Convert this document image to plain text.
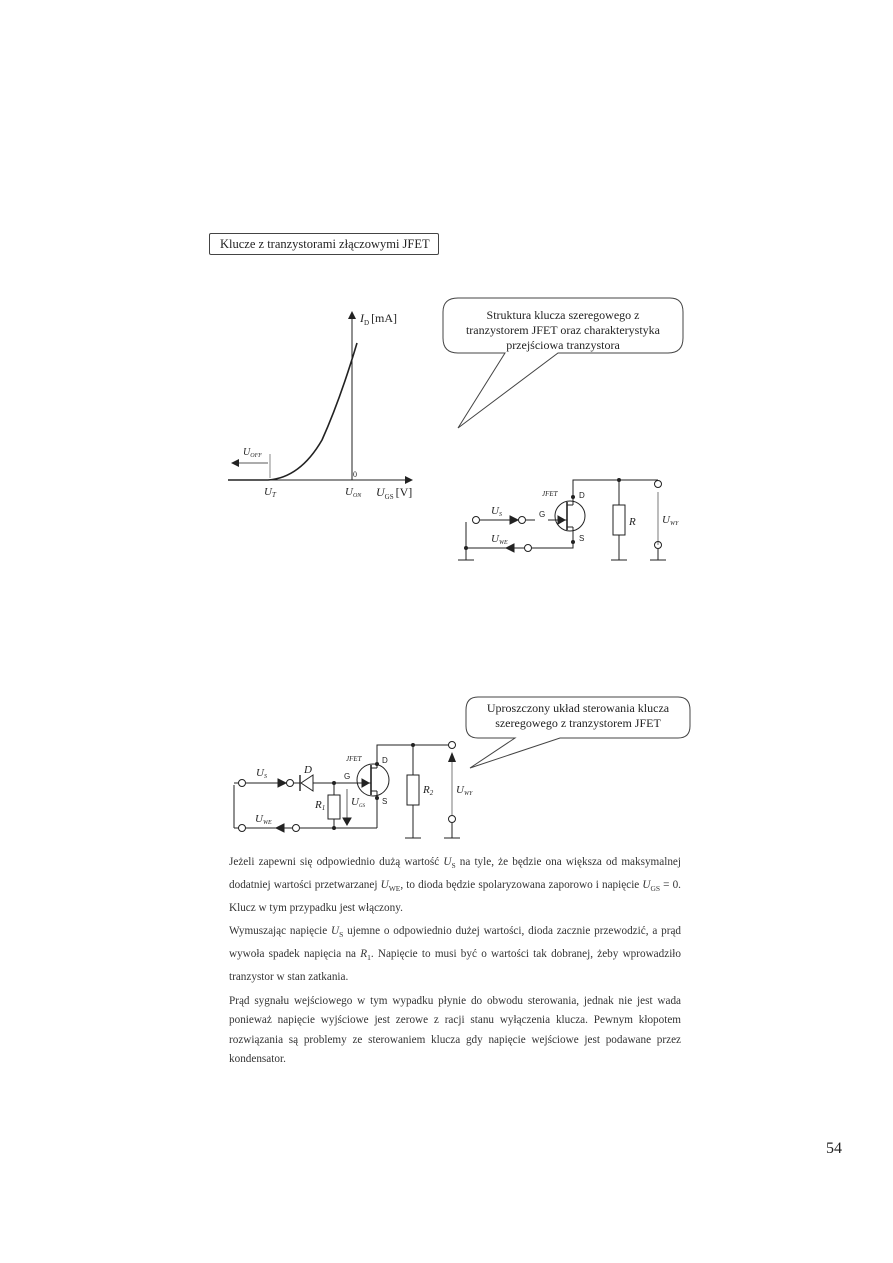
Klucze z tranzystorami złączowymi JFET
Struktura klucza szeregowego z
tranzystorem JFET oraz charakterystyka
przejściowa tranzystora
Uproszczony układ sterowania klucza
szeregowego z tranzystorem JFET
$U_{OFF}$
$I_D$ [mA]
0
UT	UON $U_{GS}$ [V]	JFET	D
G
S
US
UWE
R UWY
JFET	D
G
S
D
US
UWE
R1 UGS
R2 UWY

Jeżeli zapewni się odpowiednio dużą wartość $U_S$ na tyle, że będzie ona większa od maksymalnej dodatniej wartości przetwarzanej $U_{WE}$, to dioda będzie spolaryzowana zaporowo i napięcie $U_{GS} = 0$. Klucz w tym przypadku jest włączony.

Wymuszając napięcie $U_S$ ujemne o odpowiednio dużej wartości, dioda zacznie przewodzić, a prąd wywoła spadek napięcia na $R_1$. Napięcie to musi być o wartości tak dobranej, żeby wprowadziło tranzystor w stan zatkania.

Prąd sygnału wejściowego w tym wypadku płynie do obwodu sterowania, jednak nie jest wada ponieważ napięcie wyjściowe jest zerowe z racji stanu wyłączenia klucza. Pewnym kłopotem rozwiązania są problemy ze sterowaniem klucza gdy napięcie wejściowe jest podawane przez kondensator.

54
